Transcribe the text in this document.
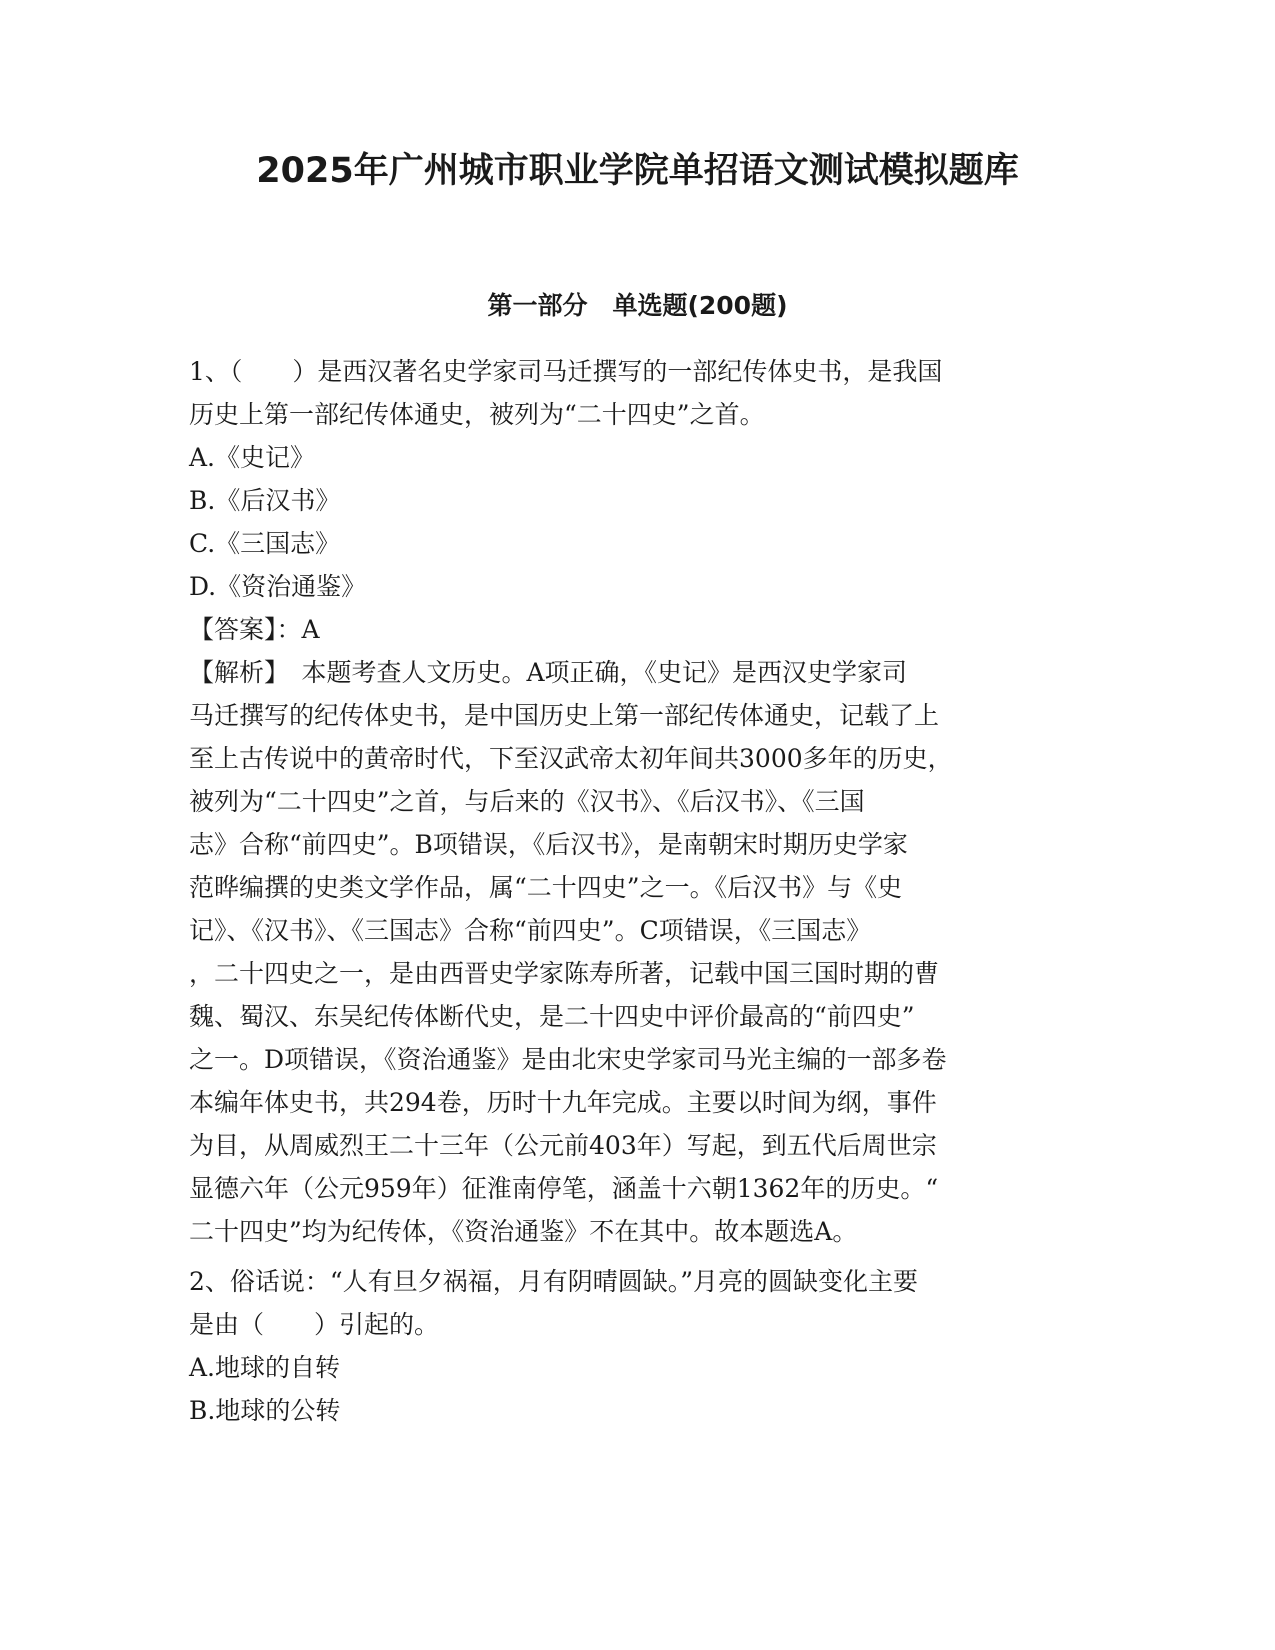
2025年广州城市职业学院单招语文测试模拟题库
第一部分　单选题(200题)
1、（　　）是西汉著名史学家司马迁撰写的一部纪传体史书，是我国
历史上第一部纪传体通史，被列为“二十四史”之首。
A.《史记》
B.《后汉书》
C.《三国志》
D.《资治通鉴》
【答案】：A
【解析】　本题考查人文历史。A项正确，《史记》是西汉史学家司
马迁撰写的纪传体史书，是中国历史上第一部纪传体通史，记载了上
至上古传说中的黄帝时代，下至汉武帝太初年间共3000多年的历史，
被列为“二十四史”之首，与后来的《汉书》、《后汉书》、《三国
志》合称“前四史”。B项错误，《后汉书》，是南朝宋时期历史学家
范晔编撰的史类文学作品，属“二十四史”之一。《后汉书》与《史
记》、《汉书》、《三国志》合称“前四史”。C项错误，《三国志》
，二十四史之一，是由西晋史学家陈寿所著，记载中国三国时期的曹
魏、蜀汉、东吴纪传体断代史，是二十四史中评价最高的“前四史”
之一。D项错误，《资治通鉴》是由北宋史学家司马光主编的一部多卷
本编年体史书，共294卷，历时十九年完成。主要以时间为纲，事件
为目，从周威烈王二十三年（公元前403年）写起，到五代后周世宗
显德六年（公元959年）征淮南停笔，涵盖十六朝1362年的历史。“
二十四史”均为纪传体，《资治通鉴》不在其中。故本题选A。
2、俗话说：“人有旦夕祸福，月有阴晴圆缺。”月亮的圆缺变化主要
是由（　　）引起的。
A.地球的自转
B.地球的公转
